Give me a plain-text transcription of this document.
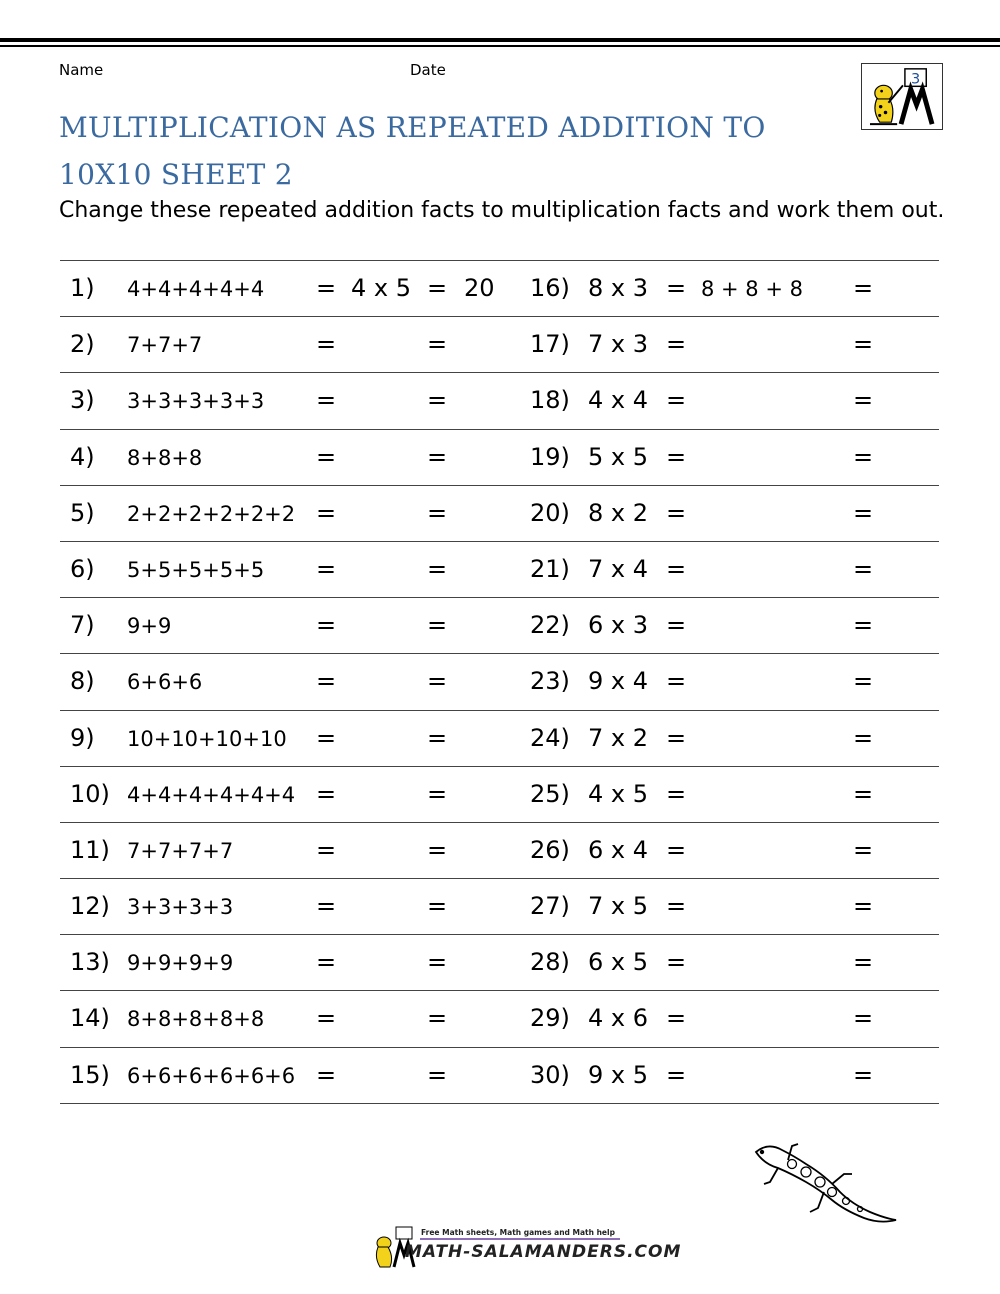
Name	Date
MULTIPLICATION AS REPEATED ADDITION TO 10X10 SHEET 2
Change these repeated addition facts to multiplication facts and work them out.
3
1) 4+4+4+4+4 = 4 x 5 = 20 16) 8 x 3 = 8 + 8 + 8 =
2) 7+7+7	=	=	17) 7 x 3 =	=
3) 3+3+3+3+3 =	=	18) 4 x 4 =	=
4) 8+8+8	=	=	19) 5 x 5 =	=
5) 2+2+2+2+2+2 =	=	20) 8 x 2 =	=
6) 5+5+5+5+5 =	=	21) 7 x 4 =	=
7) 9+9	=	=	22) 6 x 3 =	=
8) 6+6+6	=	=	23) 9 x 4 =	=
9) 10+10+10+10 =	=	24) 7 x 2 =	=
10) 4+4+4+4+4+4 =	=	25) 4 x 5 =	=
11) 7+7+7+7	=	=	26) 6 x 4 =	=
12) 3+3+3+3	=	=	27) 7 x 5 =	=
13) 9+9+9+9	=	=	28) 6 x 5 =	=
14) 8+8+8+8+8 =	=	29) 4 x 6 =	=
15) 6+6+6+6+6+6 =	=	30) 9 x 5 =	=
Free Math sheets, Math games and Math help
MATH-SALAMANDERS.COM
